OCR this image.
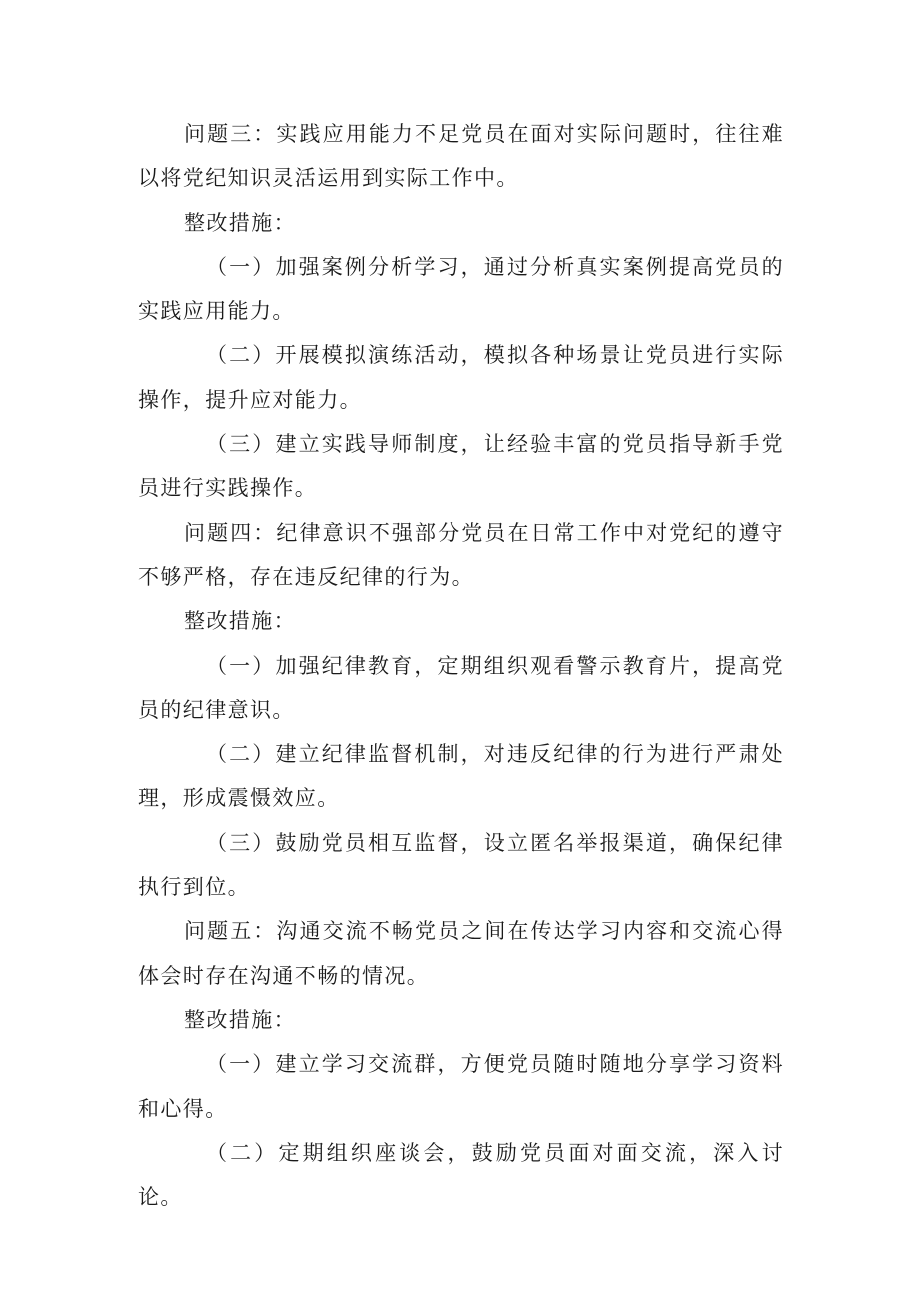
问题三：实践应用能力不足党员在面对实际问题时，往往难以将党纪知识灵活运用到实际工作中。

整改措施：

（一）加强案例分析学习，通过分析真实案例提高党员的实践应用能力。

（二）开展模拟演练活动，模拟各种场景让党员进行实际操作，提升应对能力。

（三）建立实践导师制度，让经验丰富的党员指导新手党员进行实践操作。

问题四：纪律意识不强部分党员在日常工作中对党纪的遵守不够严格，存在违反纪律的行为。

整改措施：

（一）加强纪律教育，定期组织观看警示教育片，提高党员的纪律意识。

（二）建立纪律监督机制，对违反纪律的行为进行严肃处理，形成震慑效应。

（三）鼓励党员相互监督，设立匿名举报渠道，确保纪律执行到位。

问题五：沟通交流不畅党员之间在传达学习内容和交流心得体会时存在沟通不畅的情况。

整改措施：

（一）建立学习交流群，方便党员随时随地分享学习资料和心得。

（二）定期组织座谈会，鼓励党员面对面交流，深入讨论。
